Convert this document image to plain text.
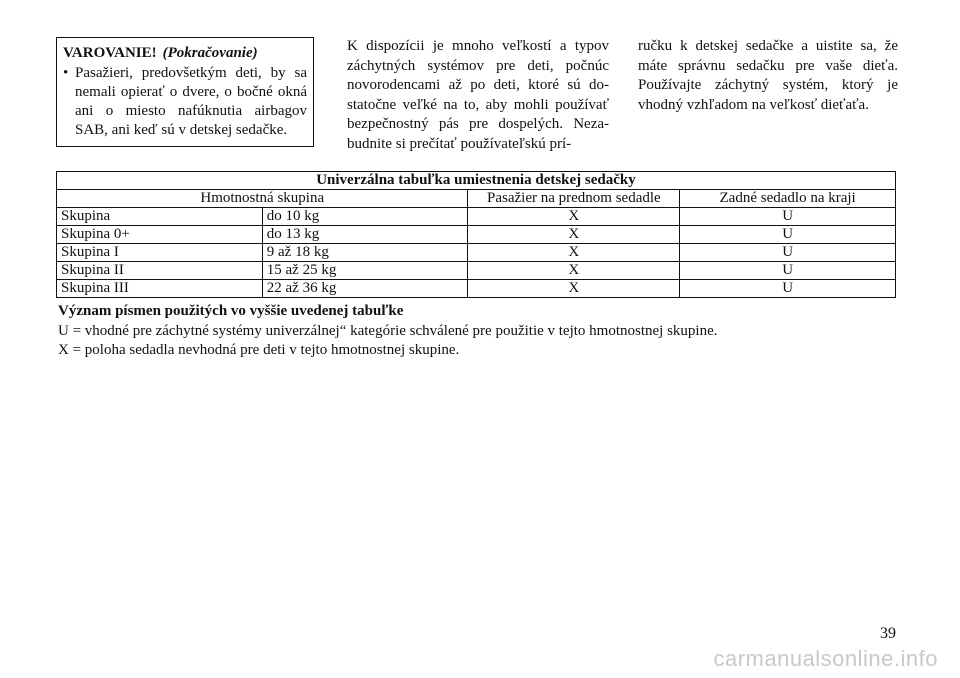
VAROVANIE! (Pokračovanie)
• Pasažieri, predovšetkým deti, by sa nemali opierať o dvere, o bočné okná ani o miesto nafúknutia airbagov SAB, ani keď sú v detskej sedačke.
K dispozícii je mnoho veľkostí a typov záchytných systémov pre deti, počnúc novorodencami až po deti, ktoré sú do-statočne veľké na to, aby mohli používať bezpečnostný pás pre dospelých. Neza-budnite si prečítať používateľskú prí-
ručku k detskej sedačke a uistite sa, že máte správnu sedačku pre vaše dieťa. Používajte záchytný systém, ktorý je vhodný vzhľadom na veľkosť dieťaťa.
Univerzálna tabuľka umiestnenia detskej sedačky			
Hmotnostná skupina		Pasažier na prednom sedadle	Zadné sedadlo na kraji
Skupina	do 10 kg	X	U
Skupina 0+	do 13 kg	X	U
Skupina I	9 až 18 kg	X	U
Skupina II	15 až 25 kg	X	U
Skupina III	22 až 36 kg	X	U
Význam písmen použitých vo vyššie uvedenej tabuľke
U = vhodné pre záchytné systémy univerzálnej“ kategórie schválené pre použitie v tejto hmotnostnej skupine.
X = poloha sedadla nevhodná pre deti v tejto hmotnostnej skupine.
39
carmanualsonline.info
